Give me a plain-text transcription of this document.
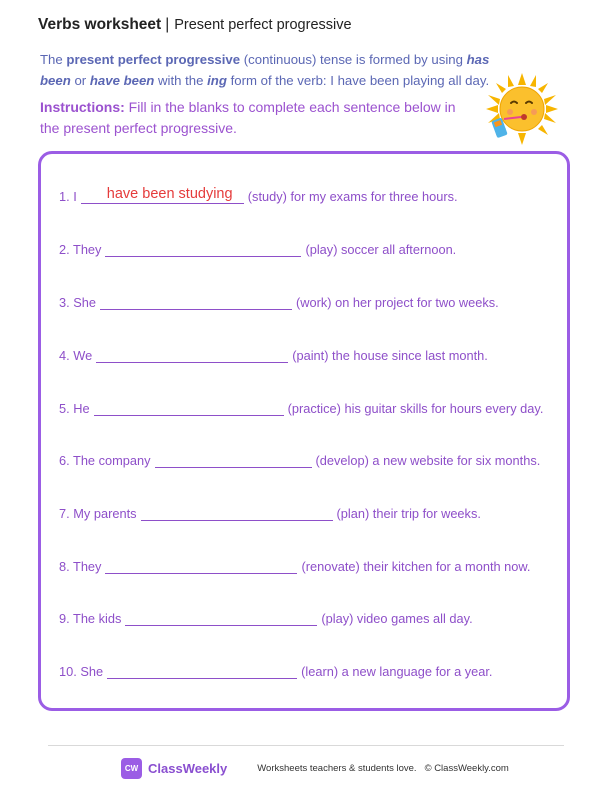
Verbs worksheet | Present perfect progressive
The present perfect progressive (continuous) tense is formed by using has been or have been with the ing form of the verb: I have been playing all day.
Instructions: Fill in the blanks to complete each sentence below in the present perfect progressive.
1. I have been studying (study) for my exams for three hours.
2. They	(play) soccer all afternoon.
3. She	(work) on her project for two weeks.
4. We	(paint) the house since last month.
5. He	(practice) his guitar skills for hours every day.
6. The company	(develop) a new website for six months.
7. My parents	(plan) their trip for weeks.
8. They	(renovate) their kitchen for a month now.
9. The kids	(play) video games all day.
10. She	(learn) a new language for a year.
CW ClassWeekly	Worksheets teachers & students love. © ClassWeekly.com
